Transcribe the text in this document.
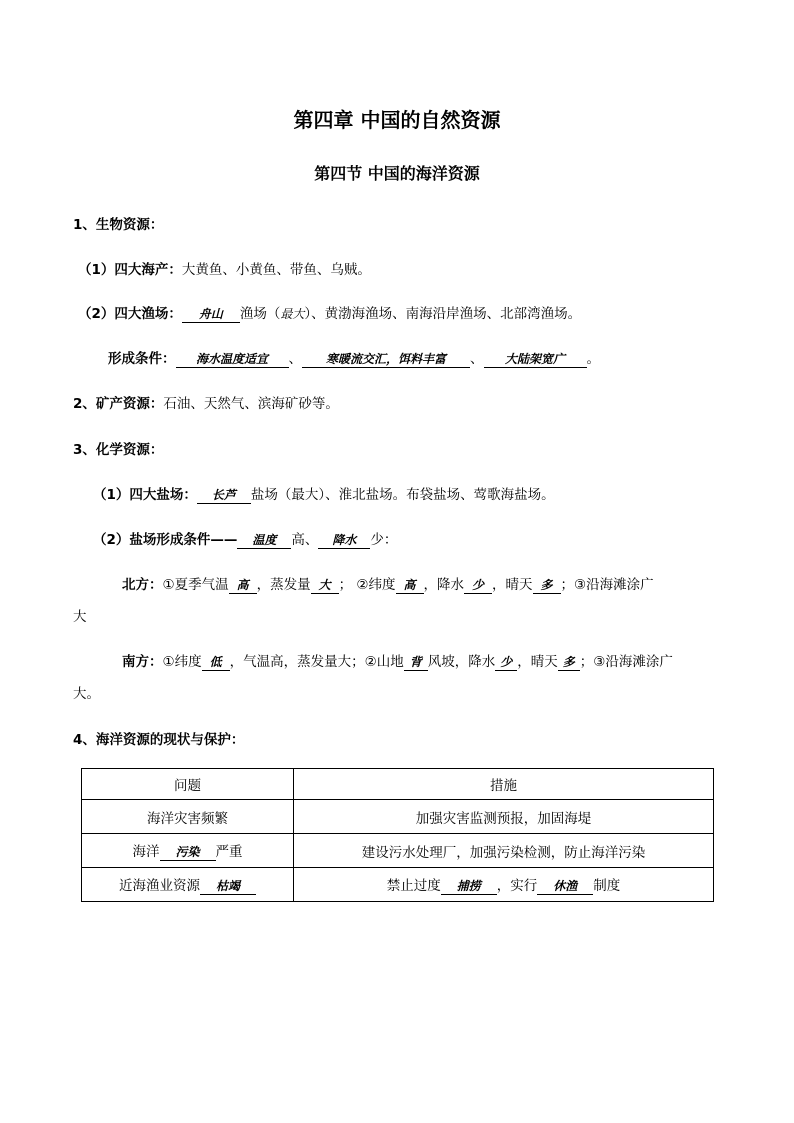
第四章 中国的自然资源
第四节 中国的海洋资源
1、生物资源：
（1）四大海产：大黄鱼、小黄鱼、带鱼、乌贼。
（2）四大渔场： 舟山 渔场（最大）、黄渤海渔场、南海沿岸渔场、北部湾渔场。
形成条件： 海水温度适宜 、 寒暖流交汇，饵料丰富 、 大陆架宽广 。
2、矿产资源：石油、天然气、滨海矿砂等。
3、化学资源：
（1）四大盐场： 长芦 盐场（最大）、淮北盐场。布袋盐场、莺歌海盐场。
（2）盐场形成条件—— 温度 高、 降水 少：
北方：①夏季气温 高 ，蒸发量 大 ； ②纬度 高 ，降水 少 ，晴天 多 ；③沿海滩涂广
大
南方：①纬度 低 ，气温高，蒸发量大；②山地 背 风坡，降水 少 ，晴天 多 ；③沿海滩涂广
大。
4、海洋资源的现状与保护：
问题	措施
海洋灾害频繁	加强灾害监测预报，加固海堤
海洋 污染 严重	建设污水处理厂，加强污染检测，防止海洋污染
近海渔业资源 枯竭	禁止过度 捕捞 ，实行 休渔 制度
